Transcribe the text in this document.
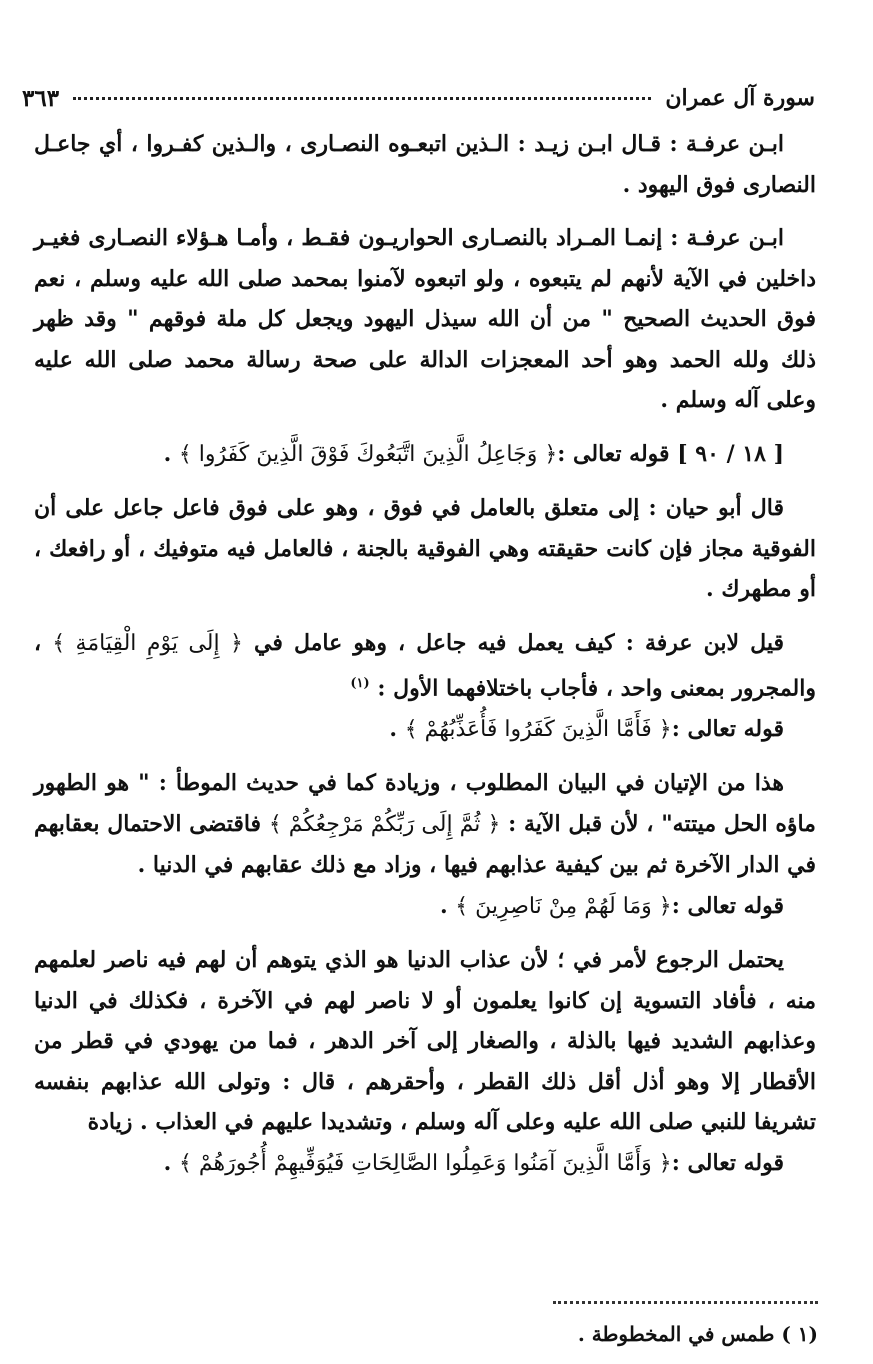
سورة آل عمران
٣٦٣

ابـن عرفـة : قـال ابـن زيـد : الـذين اتبعـوه النصـارى ، والـذين كفـروا ، أي جاعـل النصارى فوق اليهود .

ابـن عرفـة : إنمـا المـراد بالنصـارى الحواريـون فقـط ، وأمـا هـؤلاء النصـارى فغيـر داخلين في الآية لأنهم لم يتبعوه ، ولو اتبعوه لآمنوا بمحمد صلى الله عليه وسلم ، نعم فوق الحديث الصحيح " من أن الله سيذل اليهود ويجعل كل ملة فوقهم " وقد ظهر ذلك ولله الحمد وهو أحد المعجزات الدالة على صحة رسالة محمد صلى الله عليه وعلى آله وسلم .

[ ١٨ / ٩٠ ] قوله تعالى :﴿ وَجَاعِلُ الَّذِينَ اتَّبَعُوكَ فَوْقَ الَّذِينَ كَفَرُوا ﴾ .

قال أبو حيان : إلى متعلق بالعامل في فوق ، وهو على فوق فاعل جاعل على أن الفوقية مجاز فإن كانت حقيقته وهي الفوقية بالجنة ، فالعامل فيه متوفيك ، أو رافعك ، أو مطهرك .

قيل لابن عرفة : كيف يعمل فيه جاعل ، وهو عامل في ﴿ إِلَى يَوْمِ الْقِيَامَةِ ﴾ ، والمجرور بمعنى واحد ، فأجاب باختلافهما الأول : $^{(١)}$

قوله تعالى :﴿ فَأَمَّا الَّذِينَ كَفَرُوا فَأُعَذِّبُهُمْ ﴾ .

هذا من الإتيان في البيان المطلوب ، وزيادة كما في حديث الموطأ : " هو الطهور ماؤه الحل ميتته" ، لأن قبل الآية : ﴿ ثُمَّ إِلَى رَبِّكُمْ مَرْجِعُكُمْ ﴾ فاقتضى الاحتمال بعقابهم في الدار الآخرة ثم بين كيفية عذابهم فيها ، وزاد مع ذلك عقابهم في الدنيا .

قوله تعالى :﴿ وَمَا لَهُمْ مِنْ نَاصِرِينَ ﴾ .

يحتمل الرجوع لأمر في ؛ لأن عذاب الدنيا هو الذي يتوهم أن لهم فيه ناصر لعلمهم منه ، فأفاد التسوية إن كانوا يعلمون أو لا ناصر لهم في الآخرة ، فكذلك في الدنيا وعذابهم الشديد فيها بالذلة ، والصغار إلى آخر الدهر ، فما من يهودي في قطر من الأقطار إلا وهو أذل أقل ذلك القطر ، وأحقرهم ، قال : وتولى الله عذابهم بنفسه تشريفا للنبي صلى الله عليه وعلى آله وسلم ، وتشديدا عليهم في العذاب . زيادة

قوله تعالى :﴿ وَأَمَّا الَّذِينَ آمَنُوا وَعَمِلُوا الصَّالِحَاتِ فَيُوَفِّيهِمْ أُجُورَهُمْ ﴾ .

(١ ) طمس في المخطوطة .
